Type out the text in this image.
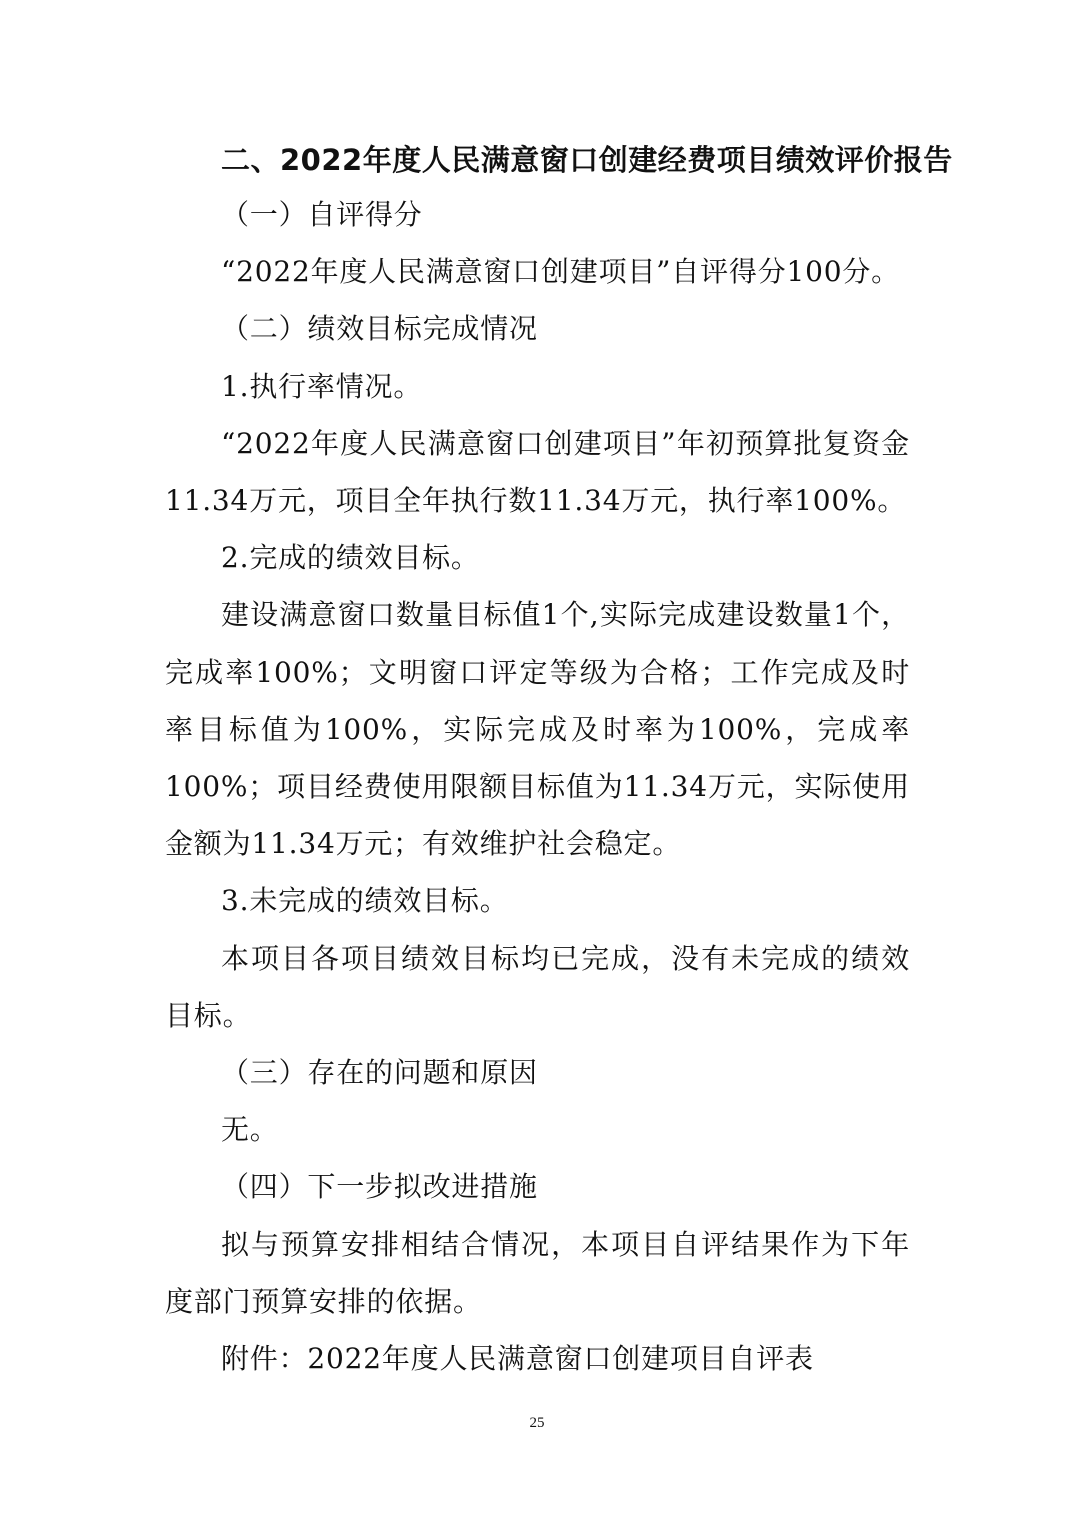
二、2022年度人民满意窗口创建经费项目绩效评价报告

（一）自评得分

“2022年度人民满意窗口创建项目”自评得分100分。

（二）绩效目标完成情况

1.执行率情况。

“2022年度人民满意窗口创建项目”年初预算批复资金11.34万元，项目全年执行数11.34万元，执行率100%。

2.完成的绩效目标。

建设满意窗口数量目标值1个,实际完成建设数量1个，完成率100%；文明窗口评定等级为合格；工作完成及时率目标值为100%，实际完成及时率为100%，完成率100%；项目经费使用限额目标值为11.34万元，实际使用金额为11.34万元；有效维护社会稳定。

3.未完成的绩效目标。

本项目各项目绩效目标均已完成，没有未完成的绩效目标。

（三）存在的问题和原因

无。

（四）下一步拟改进措施

拟与预算安排相结合情况，本项目自评结果作为下年度部门预算安排的依据。

附件：2022年度人民满意窗口创建项目自评表

25
